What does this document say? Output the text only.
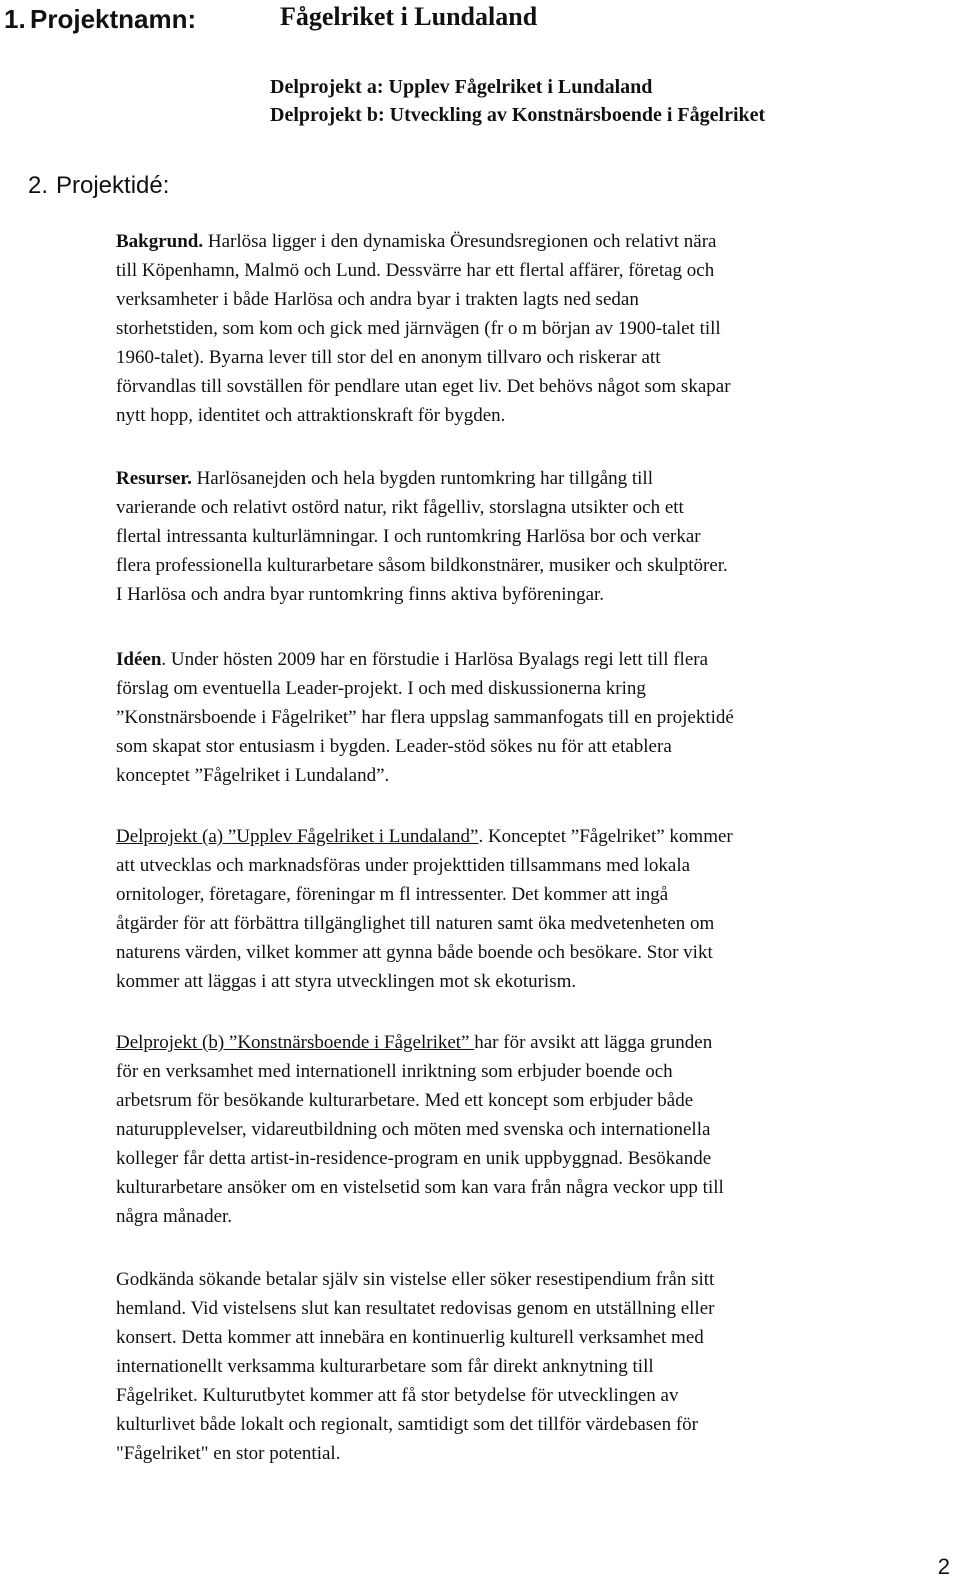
1. Projektnamn:	Fågelriket i Lundaland
Delprojekt a: Upplev Fågelriket i Lundaland
Delprojekt b: Utveckling av Konstnärsboende i Fågelriket
2. Projektidé:
Bakgrund. Harlösa ligger i den dynamiska Öresundsregionen och relativt nära
till Köpenhamn, Malmö och Lund. Dessvärre har ett flertal affärer, företag och
verksamheter i både Harlösa och andra byar i trakten lagts ned sedan
storhetstiden, som kom och gick med järnvägen (fr o m början av 1900-talet till
1960-talet). Byarna lever till stor del en anonym tillvaro och riskerar att
förvandlas till sovställen för pendlare utan eget liv. Det behövs något som skapar
nytt hopp, identitet och attraktionskraft för bygden.
Resurser. Harlösanejden och hela bygden runtomkring har tillgång till
varierande och relativt ostörd natur, rikt fågelliv, storslagna utsikter och ett
flertal intressanta kulturlämningar. I och runtomkring Harlösa bor och verkar
flera professionella kulturarbetare såsom bildkonstnärer, musiker och skulptörer.
I Harlösa och andra byar runtomkring finns aktiva byföreningar.
Idéen. Under hösten 2009 har en förstudie i Harlösa Byalags regi lett till flera
förslag om eventuella Leader-projekt. I och med diskussionerna kring
”Konstnärsboende i Fågelriket” har flera uppslag sammanfogats till en projektidé
som skapat stor entusiasm i bygden. Leader-stöd sökes nu för att etablera
konceptet ”Fågelriket i Lundaland”.
Delprojekt (a) ”Upplev Fågelriket i Lundaland”. Konceptet ”Fågelriket” kommer
att utvecklas och marknadsföras under projekttiden tillsammans med lokala
ornitologer, företagare, föreningar m fl intressenter. Det kommer att ingå
åtgärder för att förbättra tillgänglighet till naturen samt öka medvetenheten om
naturens värden, vilket kommer att gynna både boende och besökare. Stor vikt
kommer att läggas i att styra utvecklingen mot sk ekoturism.
Delprojekt (b) ”Konstnärsboende i Fågelriket” har för avsikt att lägga grunden
för en verksamhet med internationell inriktning som erbjuder boende och
arbetsrum för besökande kulturarbetare. Med ett koncept som erbjuder både
naturupplevelser, vidareutbildning och möten med svenska och internationella
kolleger får detta artist-in-residence-program en unik uppbyggnad. Besökande
kulturarbetare ansöker om en vistelsetid som kan vara från några veckor upp till
några månader.
Godkända sökande betalar själv sin vistelse eller söker resestipendium från sitt
hemland. Vid vistelsens slut kan resultatet redovisas genom en utställning eller
konsert. Detta kommer att innebära en kontinuerlig kulturell verksamhet med
internationellt verksamma kulturarbetare som får direkt anknytning till
Fågelriket. Kulturutbytet kommer att få stor betydelse för utvecklingen av
kulturlivet både lokalt och regionalt, samtidigt som det tillför värdebasen för
"Fågelriket" en stor potential.
2
